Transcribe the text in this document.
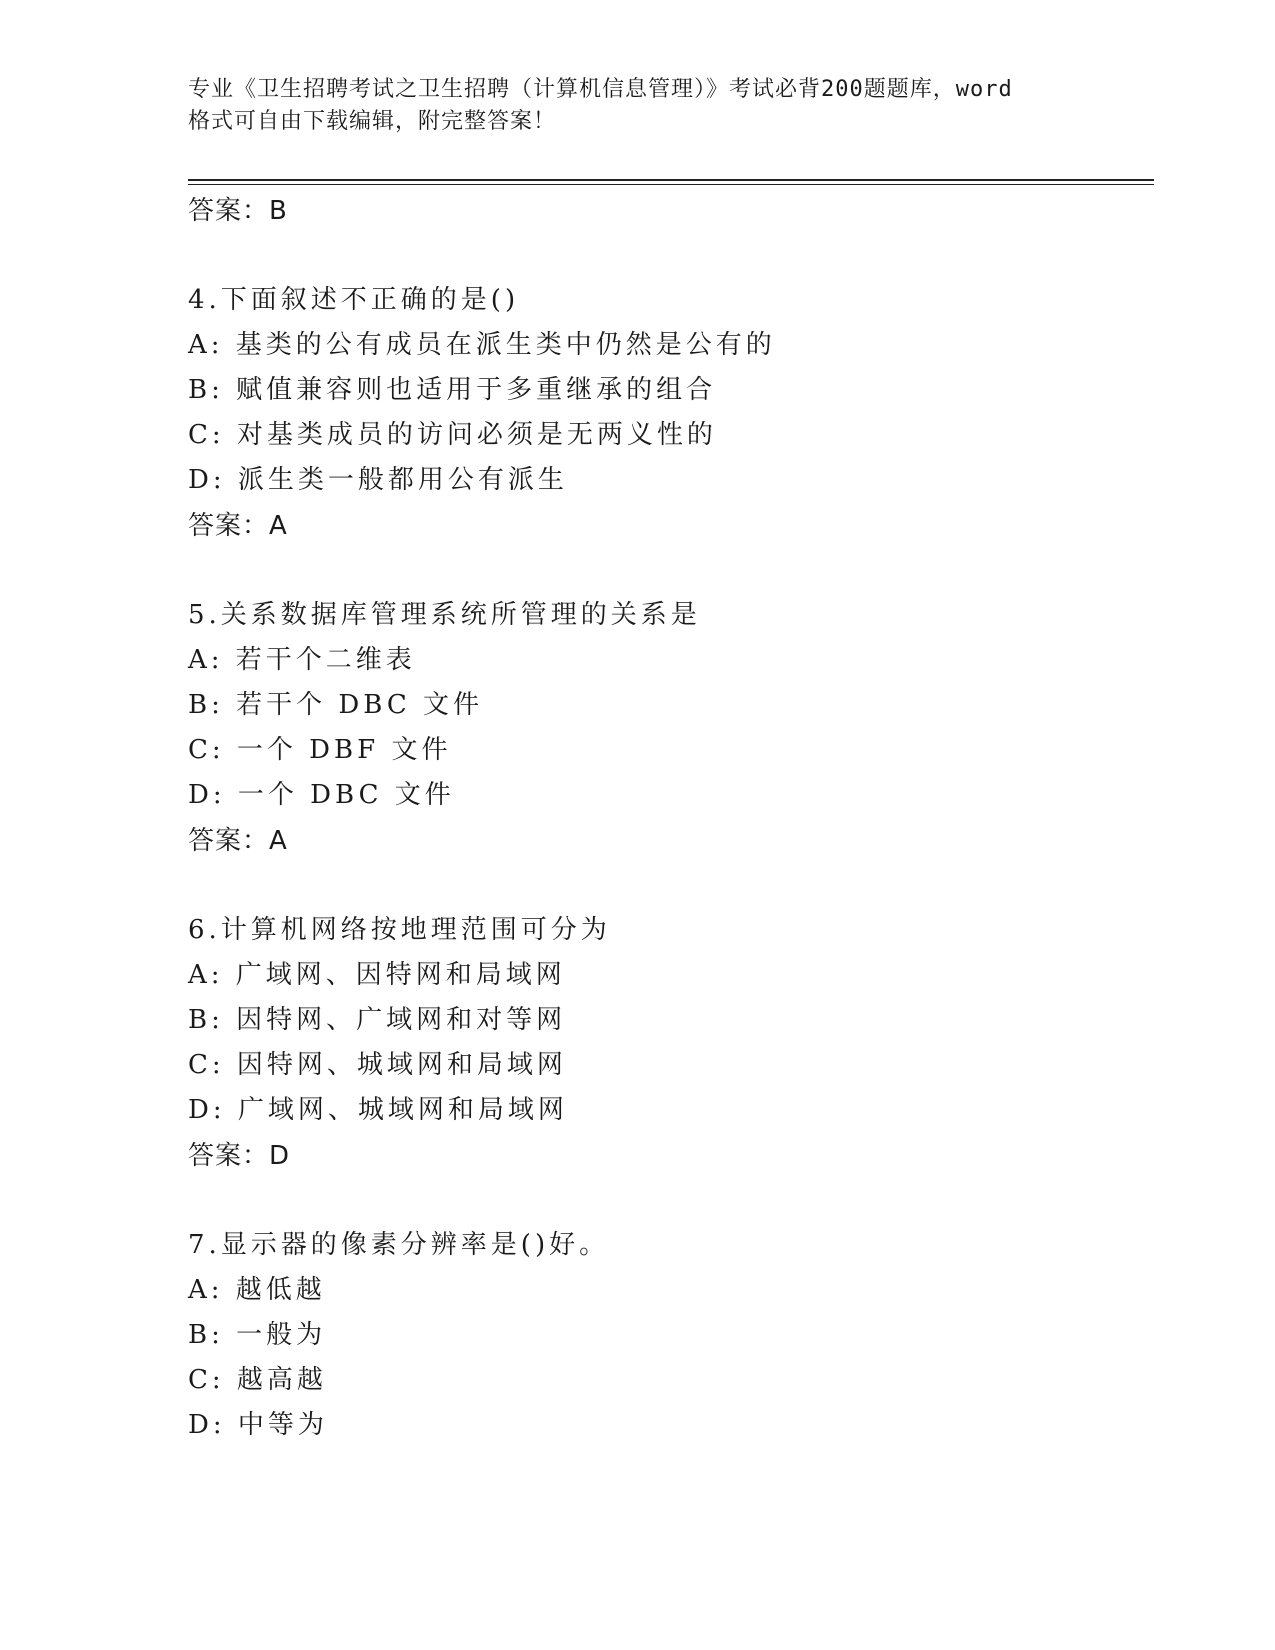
专业《卫生招聘考试之卫生招聘（计算机信息管理）》考试必背200题题库，word
格式可自由下载编辑，附完整答案！
答案：B
4.下面叙述不正确的是()
A: 基类的公有成员在派生类中仍然是公有的
B: 赋值兼容则也适用于多重继承的组合
C: 对基类成员的访问必须是无两义性的
D: 派生类一般都用公有派生
答案：A
5.关系数据库管理系统所管理的关系是
A: 若干个二维表
B: 若干个 DBC 文件
C: 一个 DBF 文件
D: 一个 DBC 文件
答案：A
6.计算机网络按地理范围可分为
A: 广域网、因特网和局域网
B: 因特网、广域网和对等网
C: 因特网、城域网和局域网
D: 广域网、城域网和局域网
答案：D
7.显示器的像素分辨率是()好。
A: 越低越
B: 一般为
C: 越高越
D: 中等为
